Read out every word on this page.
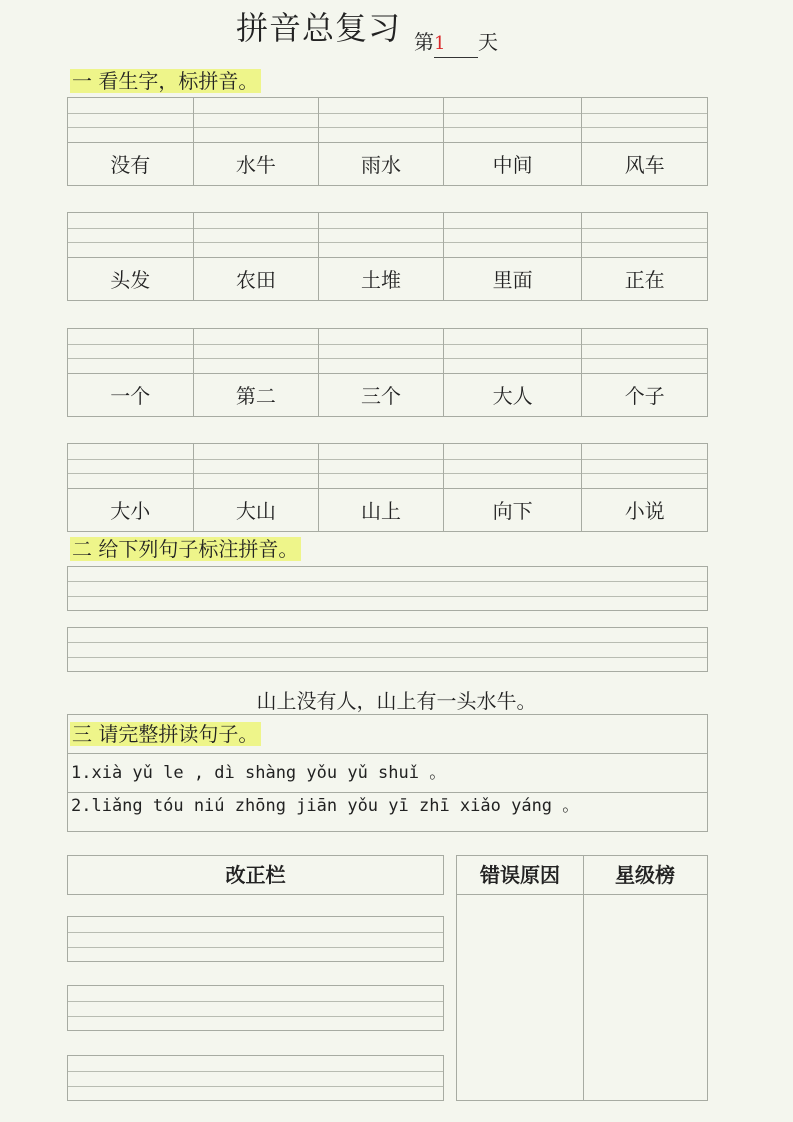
拼音总复习 第1 天
一 看生字，标拼音。
没有	水牛	雨水	中间	风车
头发	农田	土堆	里面	正在
一个	第二	三个	大人	个子
大小	大山	山上	向下	小说
二 给下列句子标注拼音。
山上没有人，山上有一头水牛。
三 请完整拼读句子。
1.xià yǔ le , dì shàng yǒu yǔ shuǐ 。
2.liǎng tóu niú zhōng jiān yǒu yī zhī xiǎo yáng 。
改正栏	错误原因	星级榜
